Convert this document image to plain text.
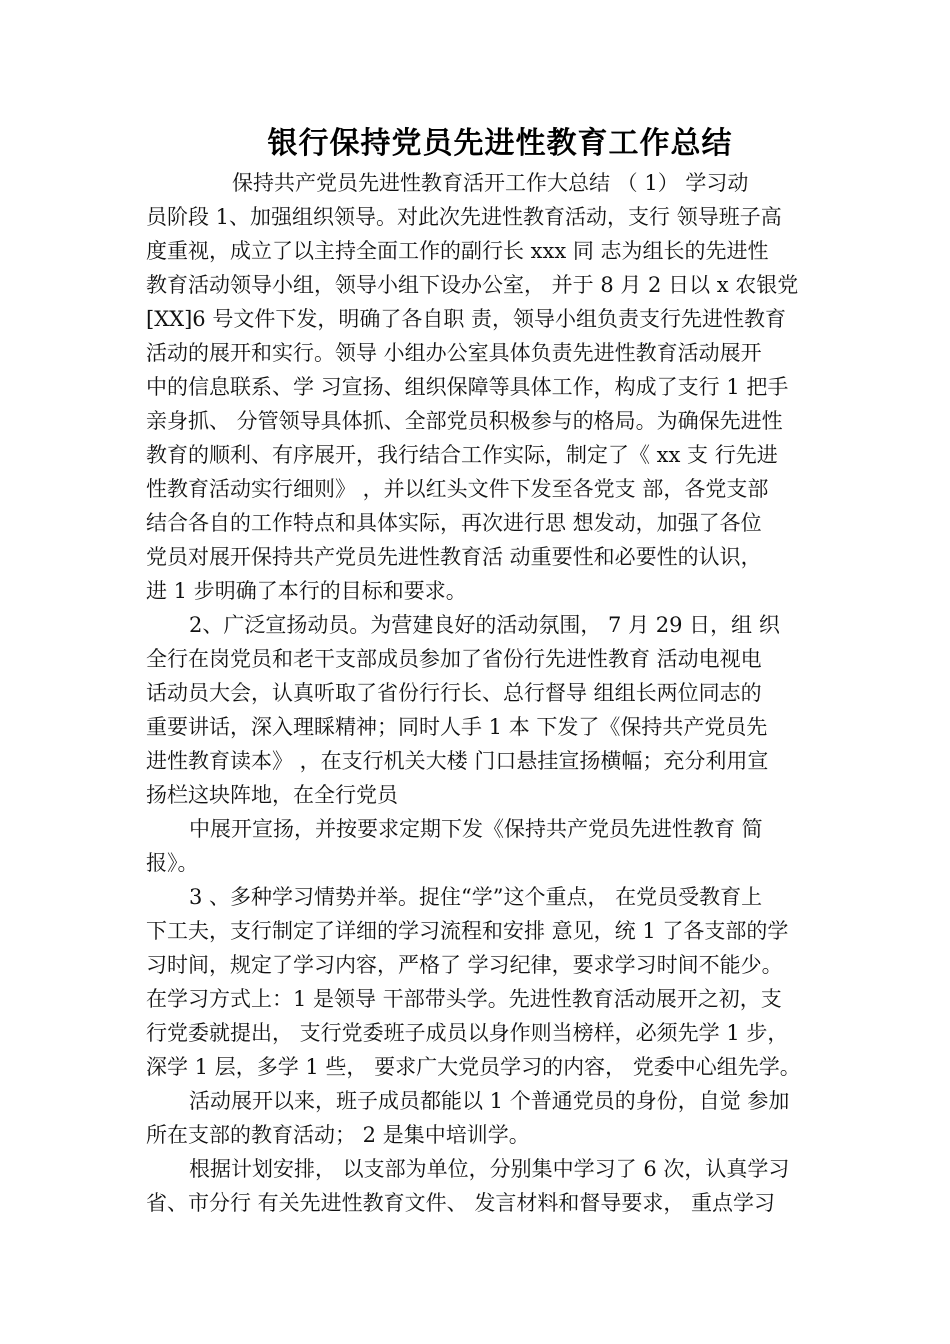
银行保持党员先进性教育工作总结
保持共产党员先进性教育活开工作大总结 （ 1） 学习动
员阶段 1、加强组织领导。对此次先进性教育活动，支行 领导班子高
度重视，成立了以主持全面工作的副行长 xxx 同 志为组长的先进性
教育活动领导小组，领导小组下设办公室， 并于 8 月 2 日以 x 农银党
[XX]6 号文件下发，明确了各自职 责，领导小组负责支行先进性教育
活动的展开和实行。领导 小组办公室具体负责先进性教育活动展开
中的信息联系、学 习宣扬、组织保障等具体工作，构成了支行 1 把手
亲身抓、 分管领导具体抓、全部党员积极参与的格局。为确保先进性
教育的顺利、有序展开，我行结合工作实际，制定了《 xx 支 行先进
性教育活动实行细则》 ，并以红头文件下发至各党支 部，各党支部
结合各自的工作特点和具体实际，再次进行思 想发动，加强了各位
党员对展开保持共产党员先进性教育活 动重要性和必要性的认识，
进 1 步明确了本行的目标和要求。
2、广泛宣扬动员。为营建良好的活动氛围， 7 月 29 日，组 织
全行在岗党员和老干支部成员参加了省份行先进性教育 活动电视电
话动员大会，认真听取了省份行行长、总行督导 组组长两位同志的
重要讲话，深入理睬精神；同时人手 1 本 下发了《保持共产党员先
进性教育读本》 ，在支行机关大楼 门口悬挂宣扬横幅；充分利用宣
扬栏这块阵地，在全行党员
中展开宣扬，并按要求定期下发《保持共产党员先进性教育 简
报》。
3 、多种学习情势并举。捉住“学”这个重点， 在党员受教育上
下工夫，支行制定了详细的学习流程和安排 意见，统 1 了各支部的学
习时间，规定了学习内容，严格了 学习纪律，要求学习时间不能少。
在学习方式上：1 是领导 干部带头学。先进性教育活动展开之初，支
行党委就提出， 支行党委班子成员以身作则当榜样，必须先学 1 步，
深学 1 层，多学 1 些， 要求广大党员学习的内容， 党委中心组先学。
活动展开以来，班子成员都能以 1 个普通党员的身份，自觉 参加
所在支部的教育活动； 2 是集中培训学。
根据计划安排， 以支部为单位，分别集中学习了 6 次，认真学习
省、市分行 有关先进性教育文件、 发言材料和督导要求， 重点学习
